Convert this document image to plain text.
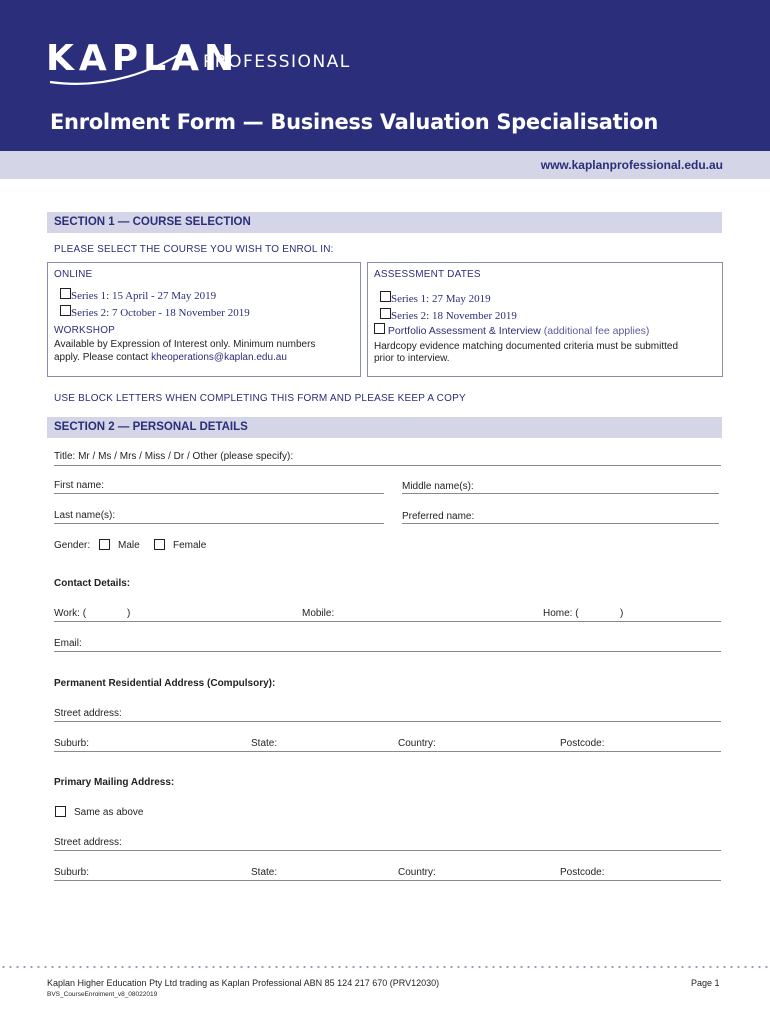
KAPLAN
PROFESSIONAL
Enrolment Form — Business Valuation Specialisation
www.kaplanprofessional.edu.au
SECTION 1 — COURSE SELECTION
PLEASE SELECT THE COURSE YOU WISH TO ENROL IN:
ONLINE
Series 1: 15 April - 27 May 2019
Series 2: 7 October - 18 November 2019
WORKSHOP
Available by Expression of Interest only. Minimum numbers
apply. Please contact kheoperations@kaplan.edu.au
ASSESSMENT DATES
Series 1: 27 May 2019
Series 2: 18 November 2019
Portfolio Assessment & Interview (additional fee applies)
Hardcopy evidence matching documented criteria must be submitted
prior to interview.
USE BLOCK LETTERS WHEN COMPLETING THIS FORM AND PLEASE KEEP A COPY
SECTION 2 — PERSONAL DETAILS
Title: Mr / Ms / Mrs / Miss / Dr / Other (please specify):
First name:	Middle name(s):
Last name(s):	Preferred name:
Gender:	Male	Female
Contact Details:
Work: (	)	Mobile:	Home: (	)
Email:
Permanent Residential Address (Compulsory):
Street address:
Suburb:	State:	Country:	Postcode:
Primary Mailing Address:
Same as above
Street address:
Suburb:	State:	Country:	Postcode:
Kaplan Higher Education Pty Ltd trading as Kaplan Professional ABN 85 124 217 670 (PRV12030)
BVS_CourseEnrolment_v8_08022019
Page 1
